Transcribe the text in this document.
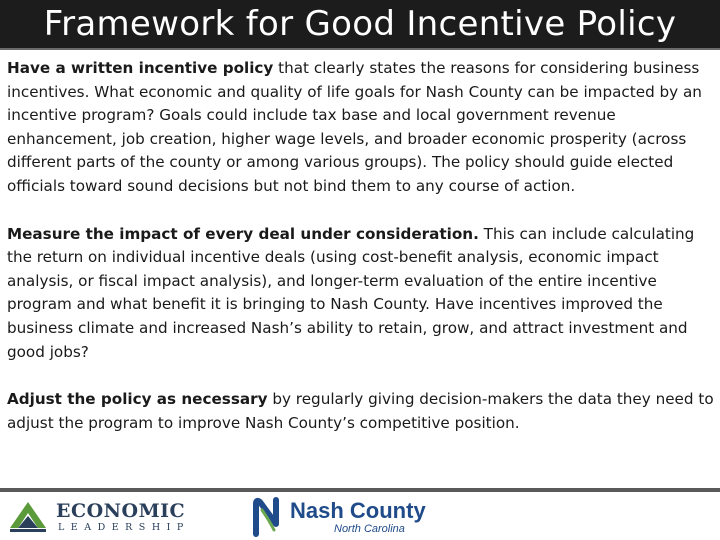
Framework for Good Incentive Policy

Have a written incentive policy that clearly states the reasons for considering business incentives. What economic and quality of life goals for Nash County can be impacted by an incentive program? Goals could include tax base and local government revenue enhancement, job creation, higher wage levels, and broader economic prosperity (across different parts of the county or among various groups). The policy should guide elected officials toward sound decisions but not bind them to any course of action.

Measure the impact of every deal under consideration. This can include calculating the return on individual incentive deals (using cost-benefit analysis, economic impact analysis, or fiscal impact analysis), and longer-term evaluation of the entire incentive program and what benefit it is bringing to Nash County. Have incentives improved the business climate and increased Nash’s ability to retain, grow, and attract investment and good jobs?

Adjust the policy as necessary by regularly giving decision-makers the data they need to adjust the program to improve Nash County’s competitive position.

ECONOMIC
LEADERSHIP
Nash County
North Carolina
